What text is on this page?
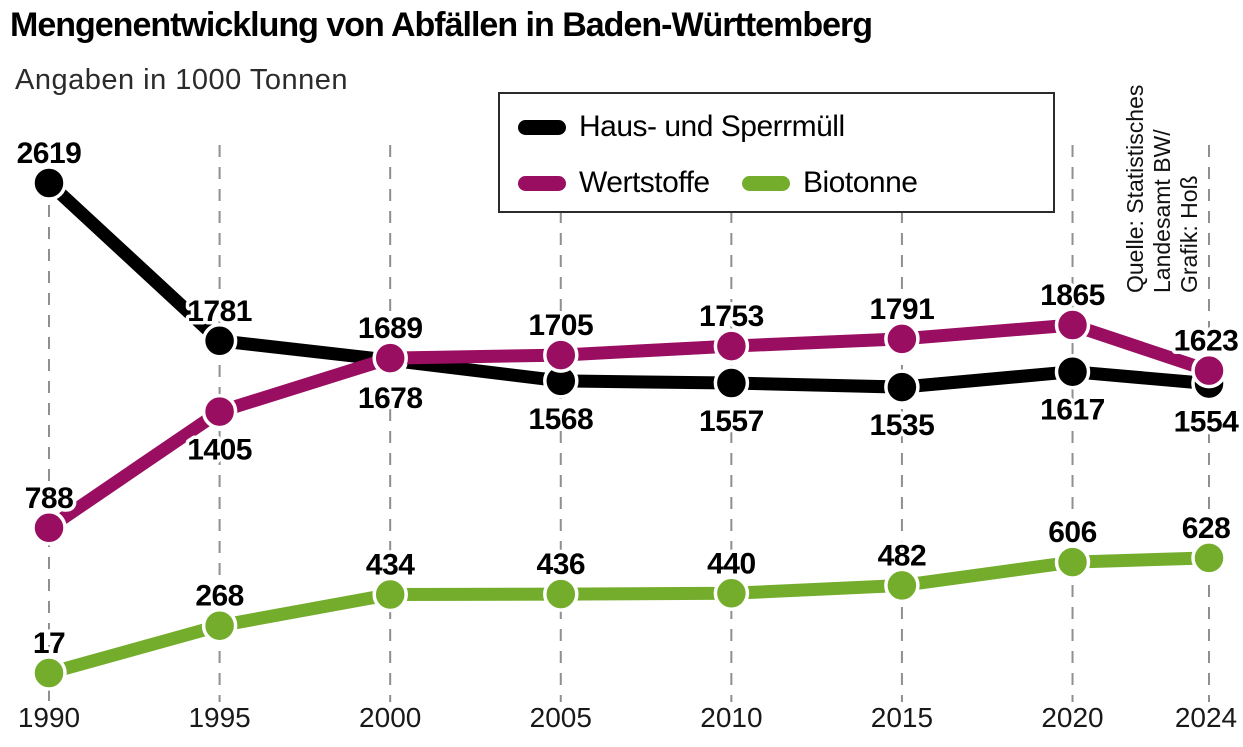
2619
1781
1678
1568	1557	1535	1617 1554
788
1405
1689	1705	1753	1791	1865
1623
17
268
434	436	440	482
606	628
1990	1995	2000	2005	2010	2015	2020	2024
Quelle: Statistisches Landesamt BW/ Grafik: Hoß
Mengenentwicklung von Abfällen in Baden-Württemberg
Angaben in 1000 Tonnen
Haus- und Sperrmüll
Wertstoffe	Biotonne
